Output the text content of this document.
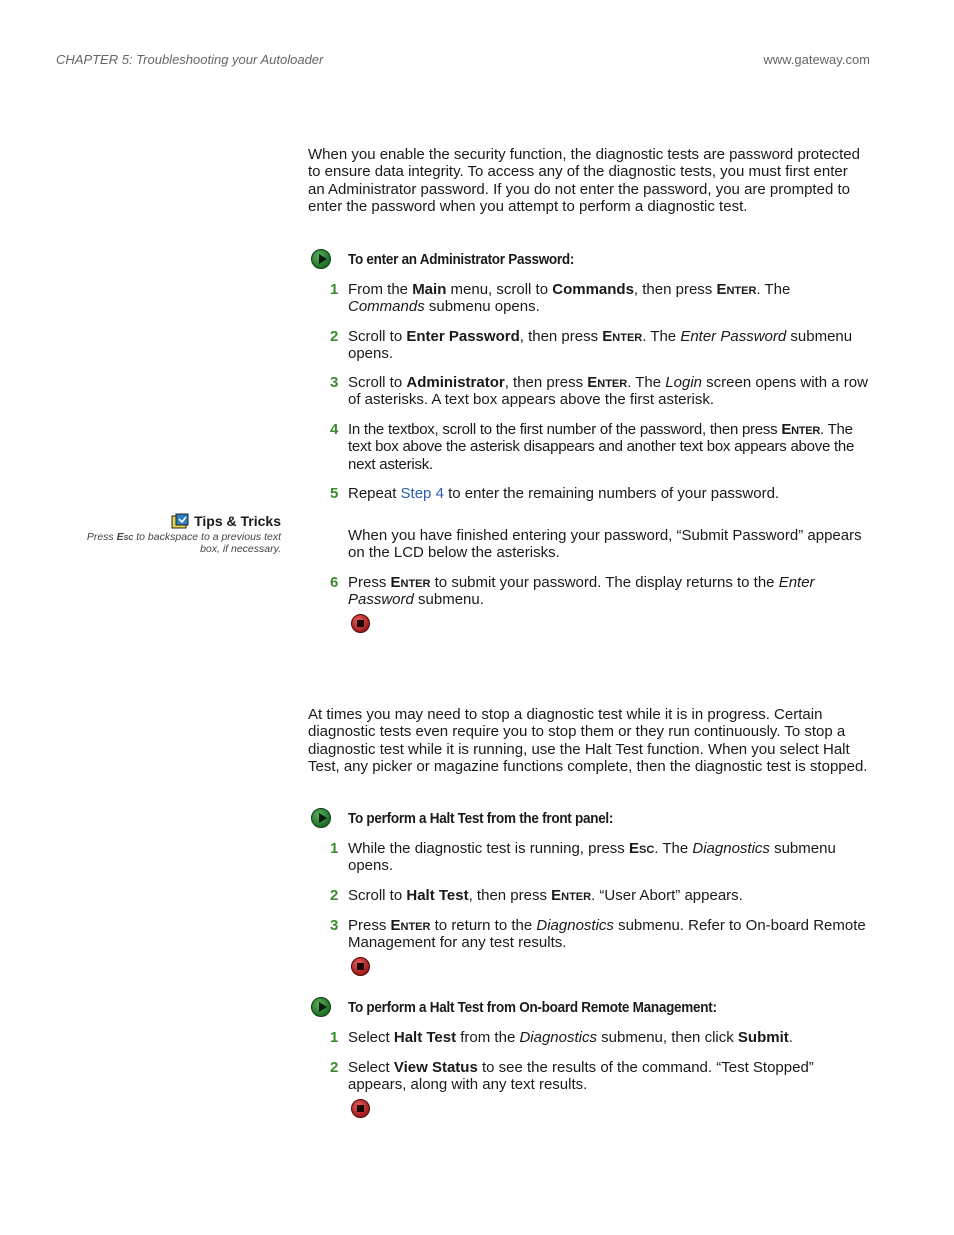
CHAPTER 5: Troubleshooting your Autoloader	www.gateway.com
When you enable the security function, the diagnostic tests are password protected to ensure data integrity. To access any of the diagnostic tests, you must first enter an Administrator password. If you do not enter the password, you are prompted to enter the password when you attempt to perform a diagnostic test.
To enter an Administrator Password:
1 From the Main menu, scroll to Commands, then press Enter. The Commands submenu opens.
2 Scroll to Enter Password, then press Enter. The Enter Password submenu opens.
3 Scroll to Administrator, then press Enter. The Login screen opens with a row of asterisks. A text box appears above the first asterisk.
4 In the textbox, scroll to the first number of the password, then press Enter. The text box above the asterisk disappears and another text box appears above the next asterisk.
5 Repeat Step 4 to enter the remaining numbers of your password.
Tips & Tricks
Press Esc to backspace to a previous text box, if necessary.
When you have finished entering your password, “Submit Password” appears on the LCD below the asterisks.
6 Press Enter to submit your password. The display returns to the Enter Password submenu.
At times you may need to stop a diagnostic test while it is in progress. Certain diagnostic tests even require you to stop them or they run continuously. To stop a diagnostic test while it is running, use the Halt Test function. When you select Halt Test, any picker or magazine functions complete, then the diagnostic test is stopped.
To perform a Halt Test from the front panel:
1 While the diagnostic test is running, press Esc. The Diagnostics submenu opens.
2 Scroll to Halt Test, then press Enter. “User Abort” appears.
3 Press Enter to return to the Diagnostics submenu. Refer to On-board Remote Management for any test results.
To perform a Halt Test from On-board Remote Management:
1 Select Halt Test from the Diagnostics submenu, then click Submit.
2 Select View Status to see the results of the command. “Test Stopped” appears, along with any text results.
